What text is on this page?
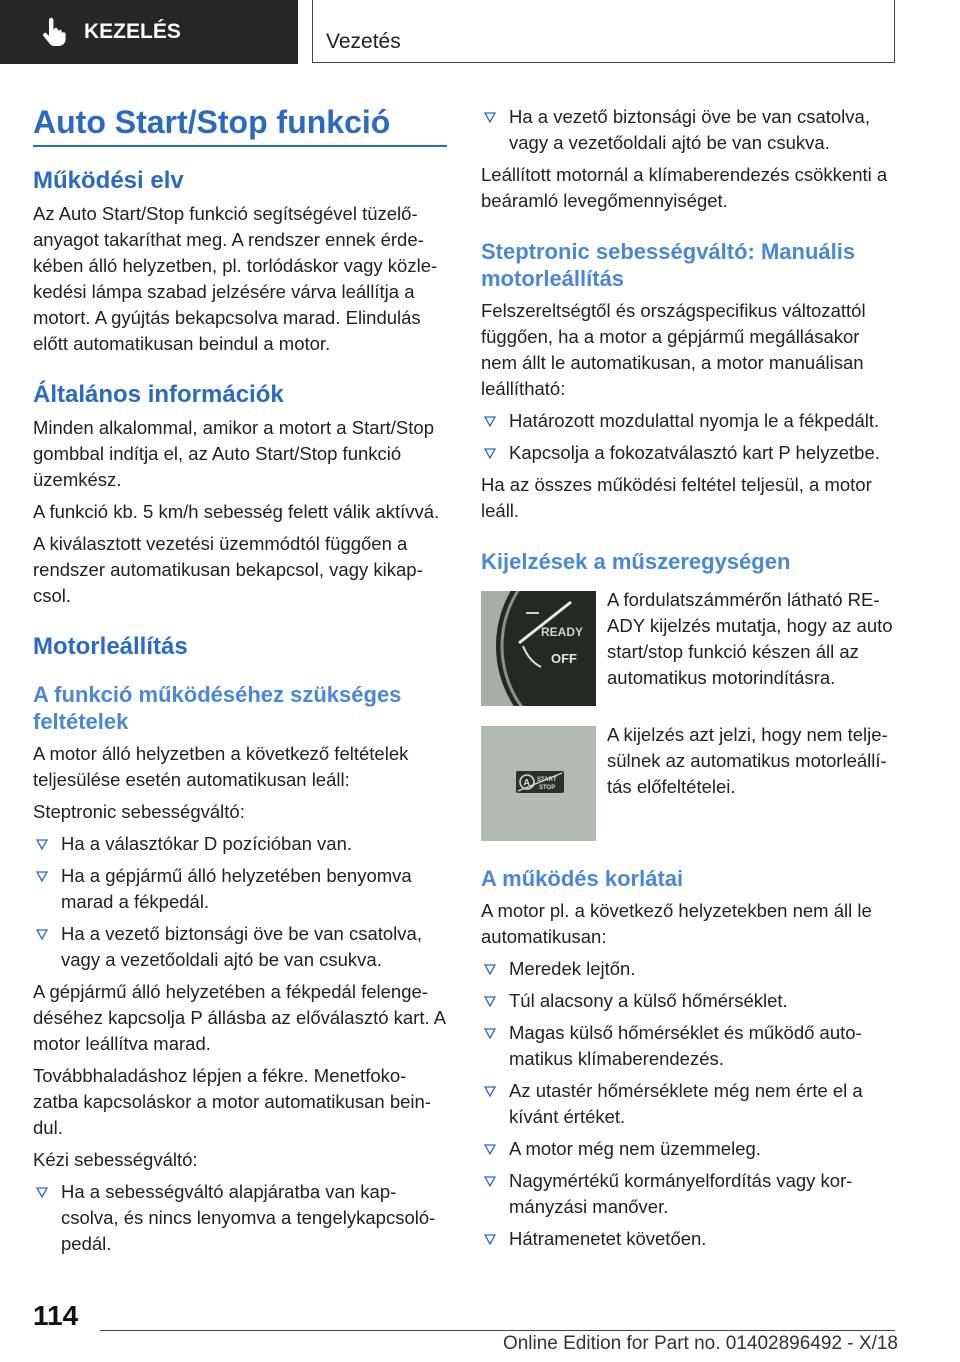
KEZELÉS	Vezetés
Auto Start/Stop funkció
Működési elv

Az Auto Start/Stop funkció segítségével tüzelő-anyagot takaríthat meg. A rendszer ennek érde-kében álló helyzetben, pl. torlódáskor vagy közle-kedési lámpa szabad jelzésére várva leállítja a motort. A gyújtás bekapcsolva marad. Elindulás előtt automatikusan beindul a motor.

Általános információk

Minden alkalommal, amikor a motort a Start/Stop gombbal indítja el, az Auto Start/Stop funkció üzemkész.

A funkció kb. 5 km/h sebesség felett válik aktívvá.

A kiválasztott vezetési üzemmódtól függően a rendszer automatikusan bekapcsol, vagy kikap-csol.

Motorleállítás
A funkció működéséhez szükséges feltételek

A motor álló helyzetben a következő feltételek teljesülése esetén automatikusan leáll:

Steptronic sebességváltó:

Ha a választókar D pozícióban van.
Ha a gépjármű álló helyzetében benyomva marad a fékpedál.
Ha a vezető biztonsági öve be van csatolva, vagy a vezetőoldali ajtó be van csukva.

A gépjármű álló helyzetében a fékpedál felenge-déséhez kapcsolja P állásba az előválasztó kart. A motor leállítva marad.

Továbbhaladáshoz lépjen a fékre. Menetfoko-zatba kapcsoláskor a motor automatikusan bein-dul.

Kézi sebességváltó:

Ha a sebességváltó alapjáratba van kap-csolva, és nincs lenyomva a tengelykapcsoló-pedál.
Ha a vezető biztonsági öve be van csatolva, vagy a vezetőoldali ajtó be van csukva.

Leállított motornál a klímaberendezés csökkenti a beáramló levegőmennyiséget.

Steptronic sebességváltó: Manuális motorleállítás

Felszereltségtől és országspecifikus változattól függően, ha a motor a gépjármű megállásakor nem állt le automatikusan, a motor manuálisan leállítható:

Határozott mozdulattal nyomja le a fékpedált.
Kapcsolja a fokozatválasztó kart P helyzetbe.

Ha az összes működési feltétel teljesül, a motor leáll.

Kijelzések a műszeregységen
READY
OFF

A fordulatszámmérőn látható RE-ADY kijelzés mutatja, hogy az auto start/stop funkció készen áll az automatikus motorindításra.

A START
STOP

A kijelzés azt jelzi, hogy nem telje-sülnek az automatikus motorleállí-tás előfeltételei.

A működés korlátai

A motor pl. a következő helyzetekben nem áll le automatikusan:

Meredek lejtőn.
Túl alacsony a külső hőmérséklet.
Magas külső hőmérséklet és működő auto-matikus klímaberendezés.
Az utastér hőmérséklete még nem érte el a kívánt értéket.
A motor még nem üzemmeleg.
Nagymértékű kormányelfordítás vagy kor-mányzási manőver.
Hátramenetet követően.
114
Online Edition for Part no. 01402896492 - X/18
